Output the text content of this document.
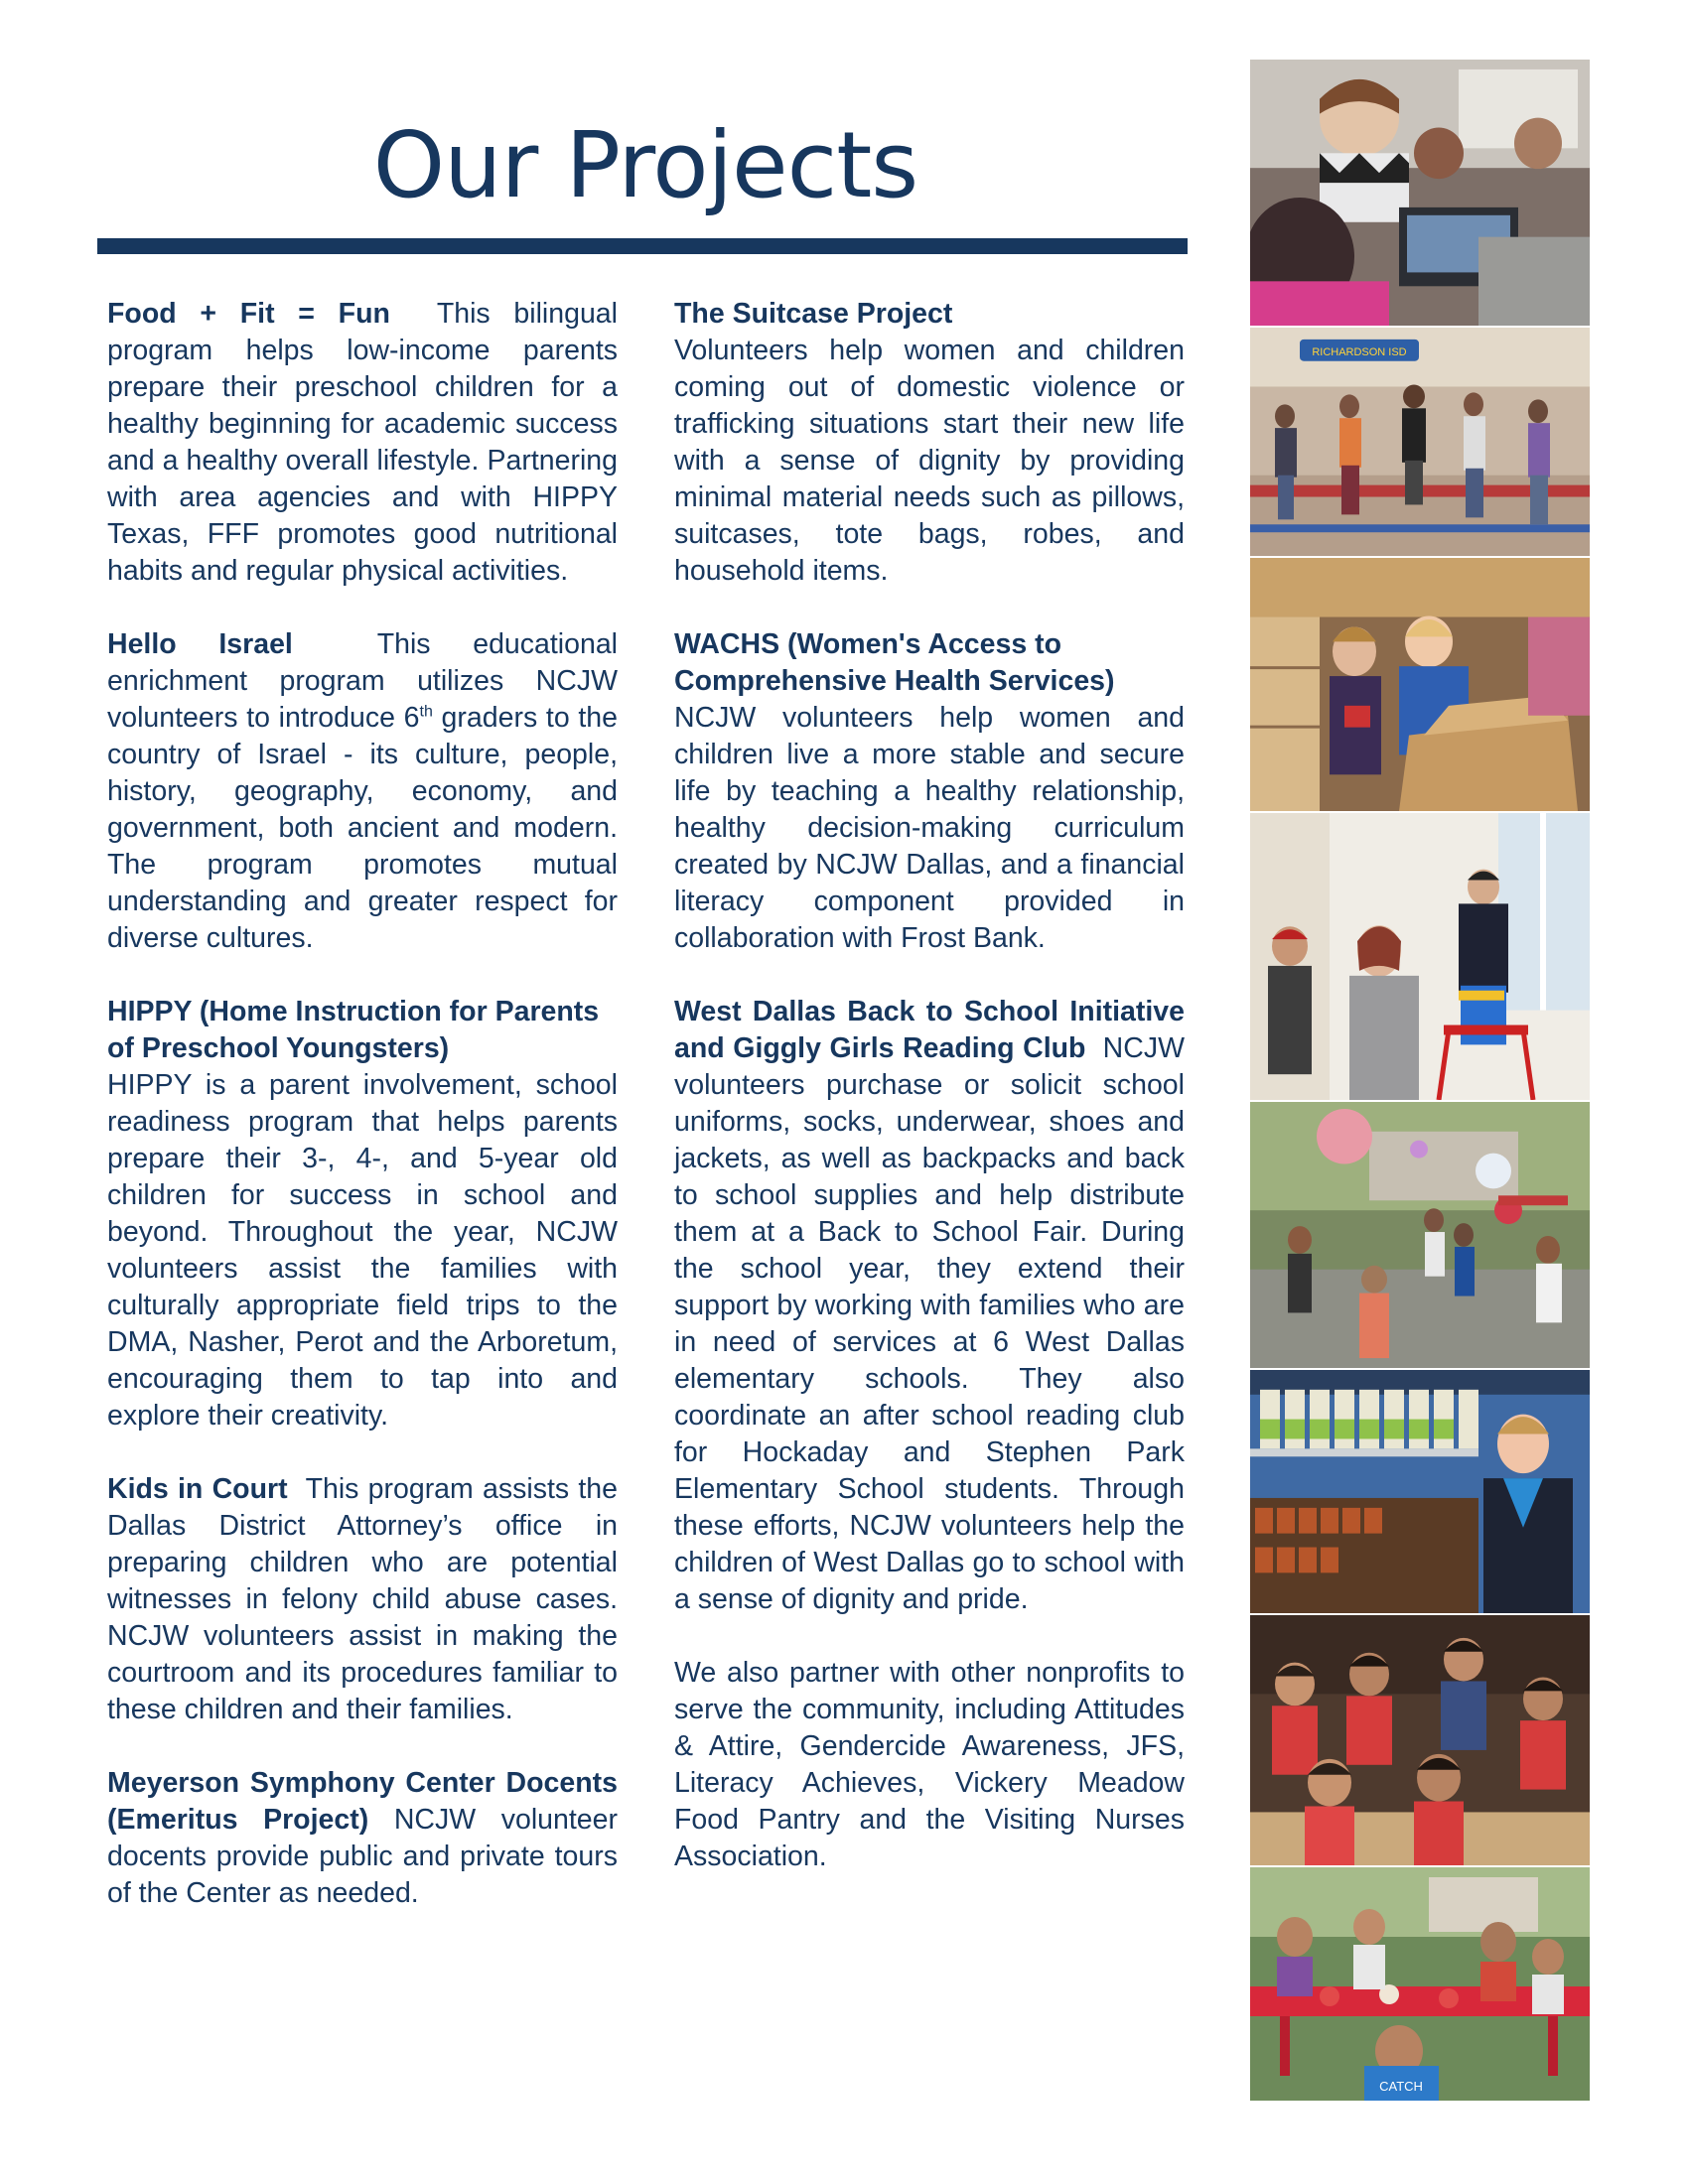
Our Projects

Food + Fit = Fun This bilingual program helps low-income parents prepare their preschool children for a healthy beginning for academic success and a healthy overall lifestyle. Partnering with area agencies and with HIPPY Texas, FFF promotes good nutritional habits and regular physical activities.

Hello Israel	This educational enrichment program utilizes NCJW volunteers to introduce 6th graders to the country of Israel - its culture, people, history, geography, economy, and government, both ancient and modern. The program promotes mutual understanding and greater respect for diverse cultures.

HIPPY (Home Instruction for Parents of Preschool Youngsters)
HIPPY is a parent involvement, school readiness program that helps parents prepare their 3-, 4-, and 5-year old children for success in school and beyond. Throughout the year, NCJW volunteers assist the families with culturally appropriate field trips to the DMA, Nasher, Perot and the Arboretum, encouraging them to tap into and explore their creativity.

Kids in Court This program assists the Dallas District Attorney’s office in preparing children who are potential witnesses in felony child abuse cases. NCJW volunteers assist in making the courtroom and its procedures familiar to these children and their families.

Meyerson Symphony Center Docents (Emeritus Project) NCJW volunteer docents provide public and private tours of the Center as needed.

The Suitcase Project
Volunteers help women and children coming out of domestic violence or trafficking situations start their new life with a sense of dignity by providing minimal material needs such as pillows, suitcases, tote bags, robes, and household items.

WACHS (Women's Access to Comprehensive Health Services)
NCJW volunteers help women and children live a more stable and secure life by teaching a healthy relationship, healthy decision-making curriculum created by NCJW Dallas, and a financial literacy component provided in collaboration with Frost Bank.

West Dallas Back to School Initiative and Giggly Girls Reading Club NCJW volunteers purchase or solicit school uniforms, socks, underwear, shoes and jackets, as well as backpacks and back to school supplies and help distribute them at a Back to School Fair. During the school year, they extend their support by working with families who are in need of services at 6 West Dallas elementary schools. They also coordinate an after school reading club for Hockaday and Stephen Park Elementary School students. Through these efforts, NCJW volunteers help the children of West Dallas go to school with a sense of dignity and pride.

We also partner with other nonprofits to serve the community, including Attitudes & Attire, Gendercide Awareness, JFS, Literacy Achieves, Vickery Meadow Food Pantry and the Visiting Nurses Association.

RICHARDSON ISD
CATCH
